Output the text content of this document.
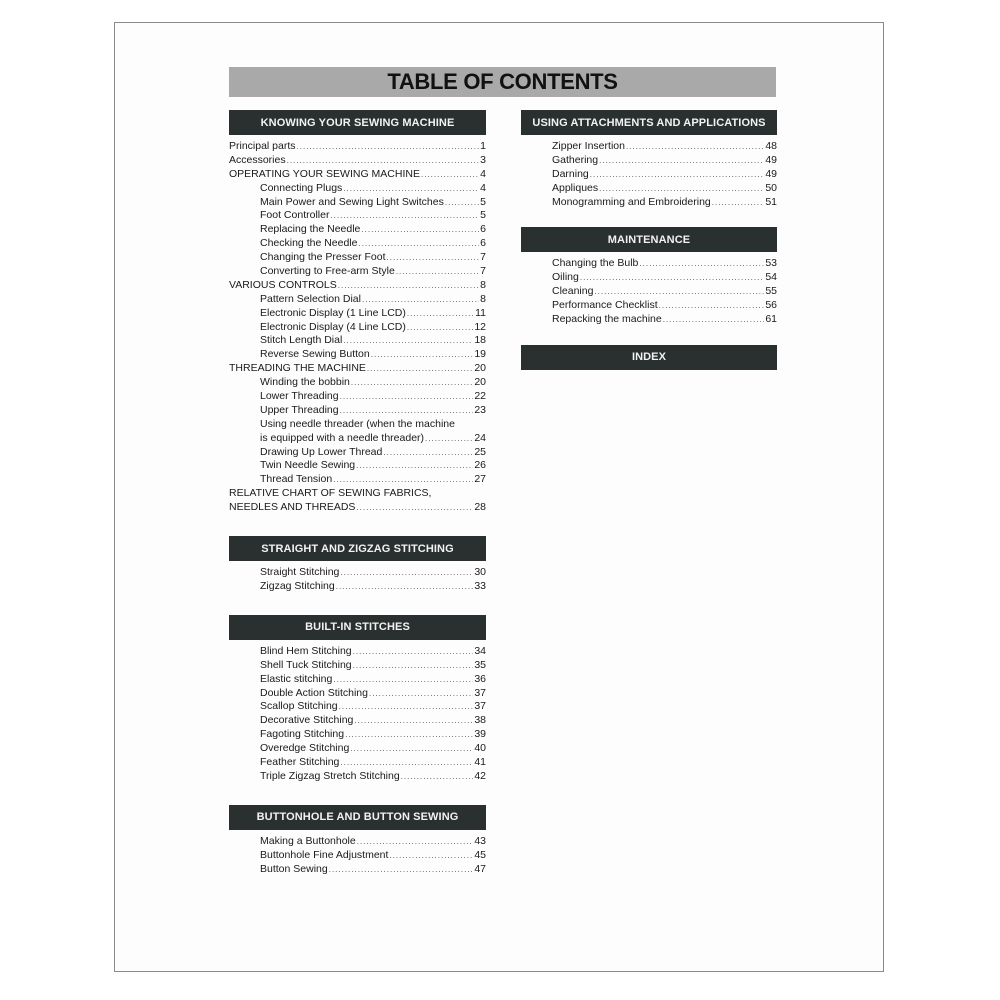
TABLE OF CONTENTS
KNOWING YOUR SEWING MACHINE
Principal parts .....	1
Accessories .....	3
OPERATING YOUR SEWING MACHINE .....	4
Connecting Plugs .....	4
Main Power and Sewing Light Switches .....	5
Foot Controller .....	5
Replacing the Needle .....	6
Checking the Needle .....	6
Changing the Presser Foot .....	7
Converting to Free-arm Style .....	7
VARIOUS CONTROLS .....	8
Pattern Selection Dial .....	8
Electronic Display (1 Line LCD) .....	11
Electronic Display (4 Line LCD) .....	12
Stitch Length Dial .....	18
Reverse Sewing Button .....	19
THREADING THE MACHINE .....	20
Winding the bobbin .....	20
Lower Threading .....	22
Upper Threading .....	23
Using needle threader (when the machine
is equipped with a needle threader) .....	24
Drawing Up Lower Thread .....	25
Twin Needle Sewing .....	26
Thread Tension .....	27
RELATIVE CHART OF SEWING FABRICS,
NEEDLES AND THREADS .....	28
STRAIGHT AND ZIGZAG STITCHING
Straight Stitching .....	30
Zigzag Stitching .....	33
BUILT-IN STITCHES
Blind Hem Stitching .....	34
Shell Tuck Stitching .....	35
Elastic stitching .....	36
Double Action Stitching .....	37
Scallop Stitching .....	37
Decorative Stitching .....	38
Fagoting Stitching .....	39
Overedge Stitching .....	40
Feather Stitching .....	41
Triple Zigzag Stretch Stitching .....	42
BUTTONHOLE AND BUTTON SEWING
Making a Buttonhole .....	43
Buttonhole Fine Adjustment .....	45
Button Sewing .....	47
USING ATTACHMENTS AND APPLICATIONS
Zipper Insertion .....	48
Gathering .....	49
Darning .....	49
Appliques .....	50
Monogramming and Embroidering .....	51
MAINTENANCE
Changing the Bulb .....	53
Oiling .....	54
Cleaning .....	55
Performance Checklist .....	56
Repacking the machine .....	61
INDEX
